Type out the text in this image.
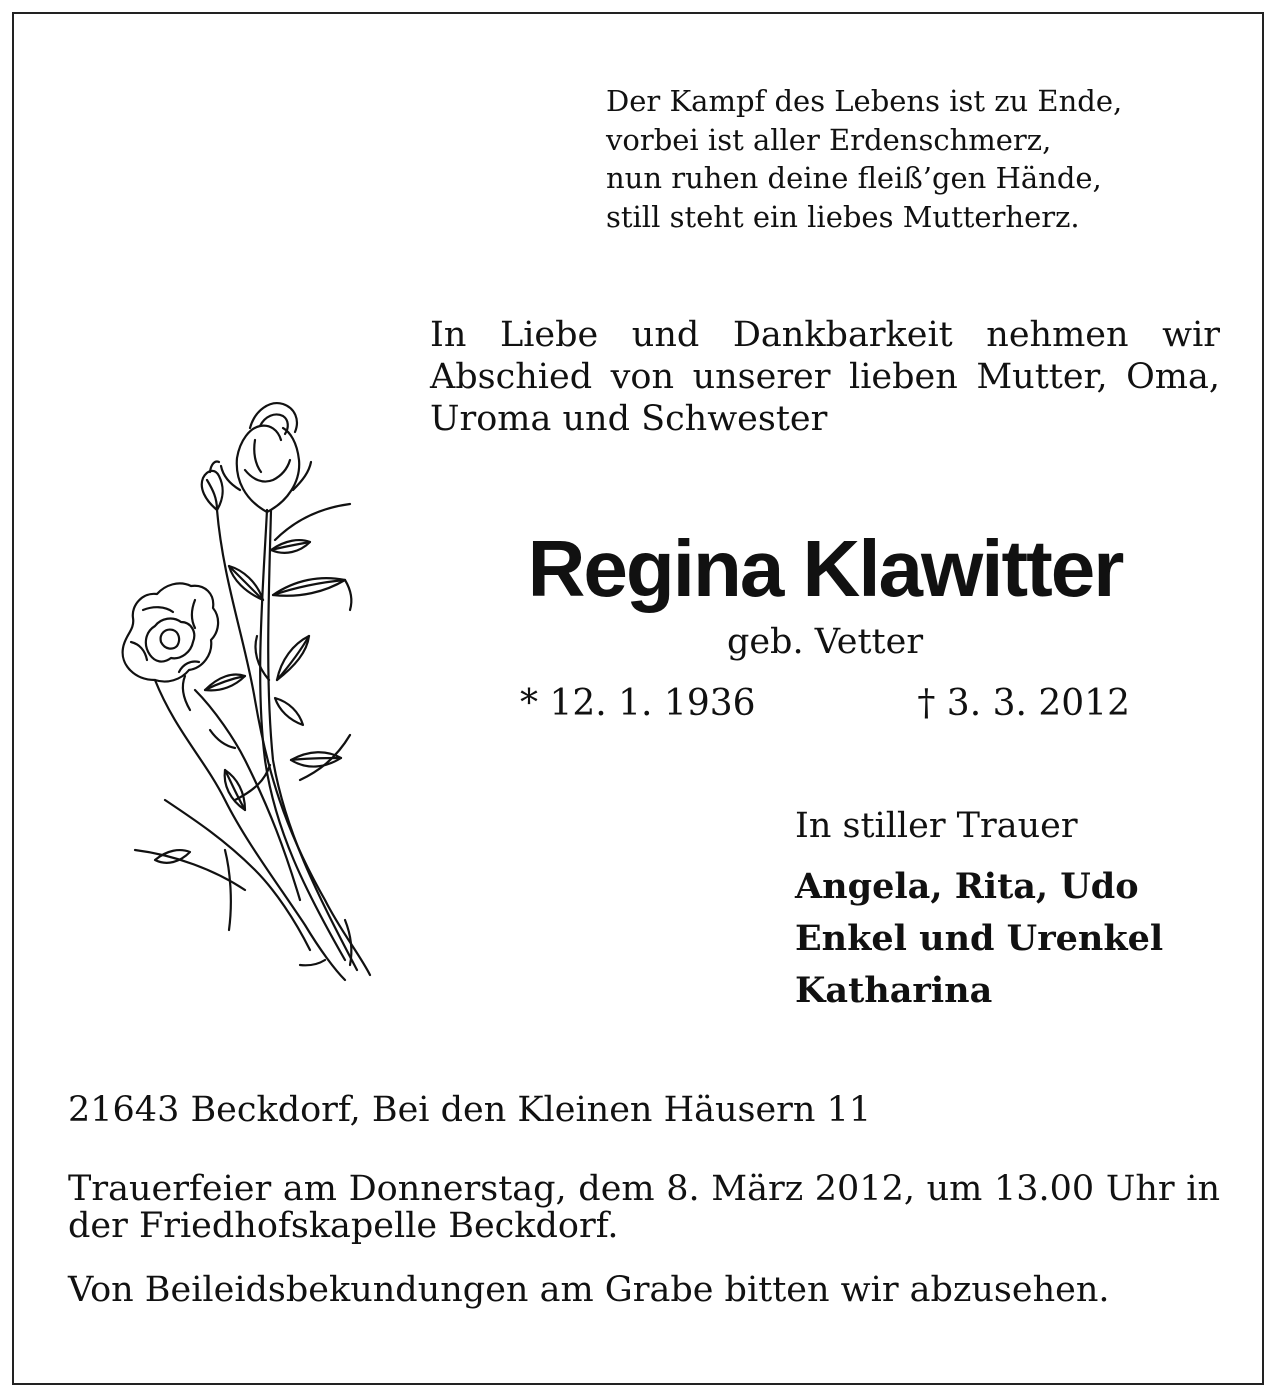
Der Kampf des Lebens ist zu Ende,
vorbei ist aller Erdenschmerz,
nun ruhen deine fleiß’gen Hände,
still steht ein liebes Mutterherz.

In Liebe und Dankbarkeit nehmen wir Abschied von unserer lieben Mutter, Oma, Uroma und Schwester

Regina Klawitter
geb. Vetter
* 12. 1. 1936	† 3. 3. 2012
In stiller Trauer
Angela, Rita, Udo
Enkel und Urenkel
Katharina
21643 Beckdorf, Bei den Kleinen Häusern 11

Trauerfeier am Donnerstag, dem 8. März 2012, um 13.00 Uhr in der Friedhofskapelle Beckdorf.

Von Beileidsbekundungen am Grabe bitten wir abzusehen.
